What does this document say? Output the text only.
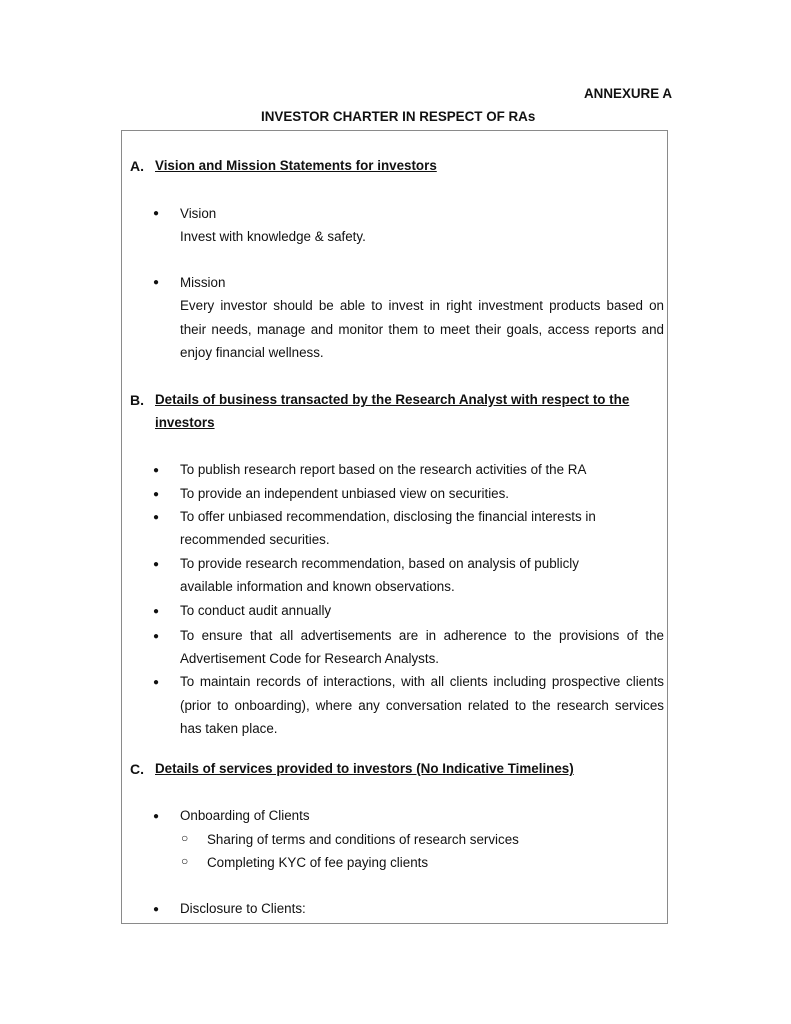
ANNEXURE A
INVESTOR CHARTER IN RESPECT OF RAs
A. Vision and Mission Statements for investors
● Vision
Invest with knowledge & safety.
● Mission
Every investor should be able to invest in right investment products based on
their needs, manage and monitor them to meet their goals, access reports and
enjoy financial wellness.
B. Details of business transacted by the Research Analyst with respect to the
investors
● To publish research report based on the research activities of the RA
● To provide an independent unbiased view on securities.
● To offer unbiased recommendation, disclosing the financial interests in
recommended securities.
● To provide research recommendation, based on analysis of publicly
available information and known observations.
● To conduct audit annually
● To ensure that all advertisements are in adherence to the provisions of the
Advertisement Code for Research Analysts.
● To maintain records of interactions, with all clients including prospective clients
(prior to onboarding), where any conversation related to the research services
has taken place.
C. Details of services provided to investors (No Indicative Timelines)
● Onboarding of Clients
○ Sharing of terms and conditions of research services
○ Completing KYC of fee paying clients
● Disclosure to Clients:
